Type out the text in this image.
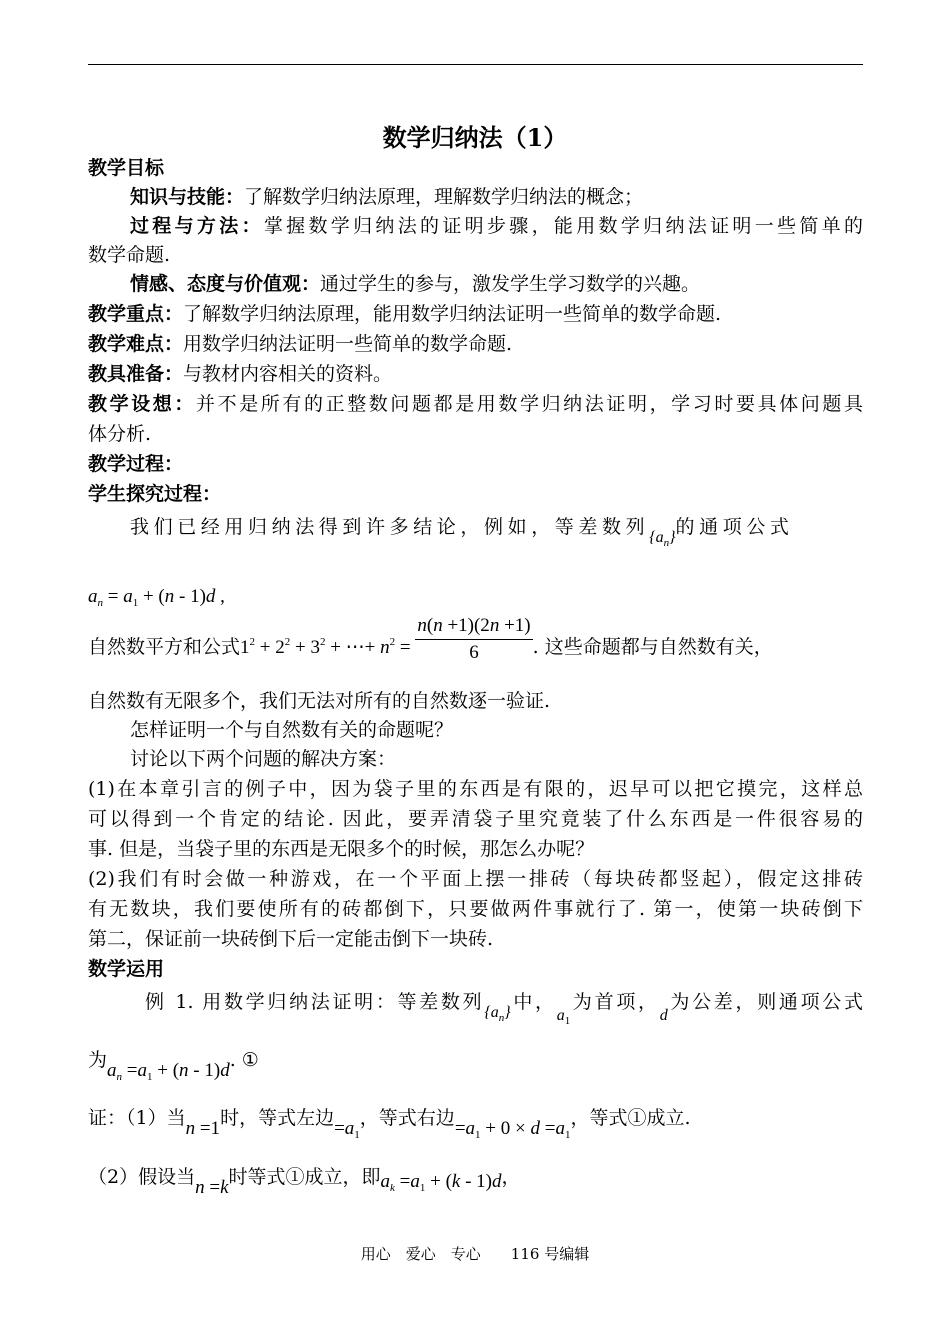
数学归纳法（1）
教学目标
知识与技能：了解数学归纳法原理，理解数学归纳法的概念；
过程与方法：掌握数学归纳法的证明步骤，能用数学归纳法证明一些简单的
数学命题.
情感、态度与价值观：通过学生的参与，激发学生学习数学的兴趣。
教学重点：了解数学归纳法原理，能用数学归纳法证明一些简单的数学命题.
教学难点：用数学归纳法证明一些简单的数学命题.
教具准备：与教材内容相关的资料。
教学设想：并不是所有的正整数问题都是用数学归纳法证明，学习时要具体问题具
体分析.
教学过程：
学生探究过程：
我们已经用归纳法得到许多结论，例如，等差数列$_{\{a_n\}}$的通项公式
$a_n = a_1 + (n - 1)d$ ,
自然数平方和公式$1^2 + 2^2 + 3^2$ + ⋯+ $n^2 = \frac{n(n +1)(2n +1)}{6}$ . 这些命题都与自然数有关，
自然数有无限多个，我们无法对所有的自然数逐一验证.
怎样证明一个与自然数有关的命题呢？
讨论以下两个问题的解决方案：
(1)在本章引言的例子中，因为袋子里的东西是有限的，迟早可以把它摸完，这样总
可以得到一个肯定的结论. 因此，要弄清袋子里究竟装了什么东西是一件很容易的
事. 但是，当袋子里的东西是无限多个的时候，那怎么办呢？
(2)我们有时会做一种游戏，在一个平面上摆一排砖（每块砖都竖起），假定这排砖
有无数块，我们要使所有的砖都倒下，只要做两件事就行了. 第一，使第一块砖倒下
第二，保证前一块砖倒下后一定能击倒下一块砖.
数学运用
例 1. 用数学归纳法证明：等差数列$_{\{a_n\}}$中，$_{a_1}$为首项，$_d$为公差，则通项公式
为$a_n =a_1 + (n - 1)d$. ①
证：（1）当n =1时，等式左边$=a_1$，等式右边$=a_1 + 0 \times d =a_1$，等式①成立.
（2）假设当n =k时等式①成立，即$a_k =a_1 + (k - 1)d$，
用心　爱心　专心　　116 号编辑
